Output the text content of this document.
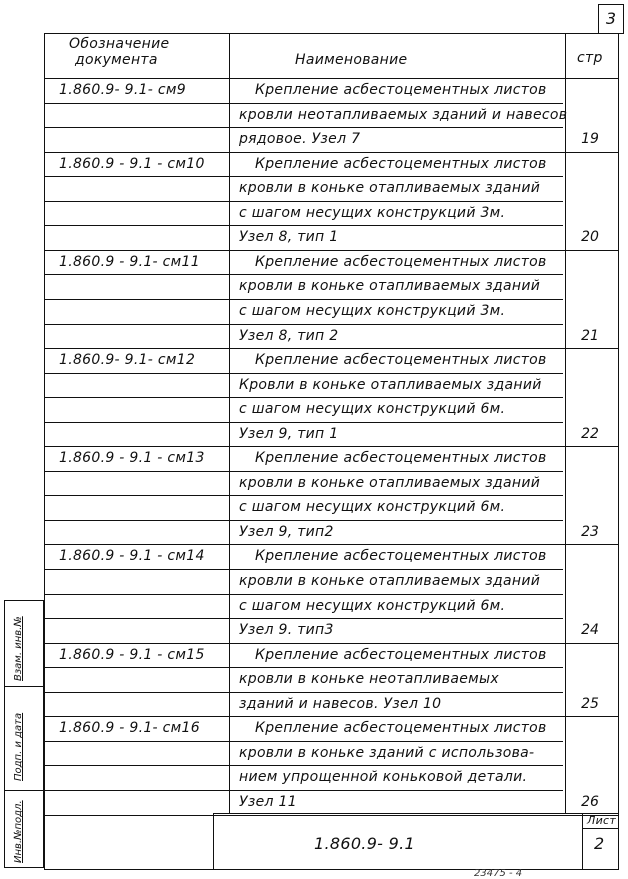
3
Взам. инв.№
Подп. и дата
Инв.№подл.
Обозначение
документа	Наименование	стр
1.860.9- 9.1- см9	Крепление асбестоцементных листов
кровли неотапливаемых зданий и навесов
рядовое. Узел 7	19
1.860.9 - 9.1 - см10	Крепление асбестоцементных листов
кровли в коньке отапливаемых зданий
с шагом несущих конструкций 3м.
Узел 8, тип 1	20
1.860.9 - 9.1- см11	Крепление асбестоцементных листов
кровли в коньке отапливаемых зданий
с шагом несущих конструкций 3м.
Узел 8, тип 2	21
1.860.9- 9.1- см12	Крепление асбестоцементных листов
Кровли в коньке отапливаемых зданий
с шагом несущих конструкций 6м.
Узел 9, тип 1	22
1.860.9 - 9.1 - см13	Крепление асбестоцементных листов
кровли в коньке отапливаемых зданий
с шагом несущих конструкций 6м.
Узел 9, тип2	23
1.860.9 - 9.1 - см14	Крепление асбестоцементных листов
кровли в коньке отапливаемых зданий
с шагом несущих конструкций 6м.
Узел 9. тип3	24
1.860.9 - 9.1 - см15	Крепление асбестоцементных листов
кровли в коньке неотапливаемых
зданий и навесов. Узел 10	25
1.860.9 - 9.1- см16	Крепление асбестоцементных листов
кровли в коньке зданий с использова-
нием упрощенной коньковой детали.
Узел 11	26
1.860.9- 9.1
Лист
2
23475 - 4
